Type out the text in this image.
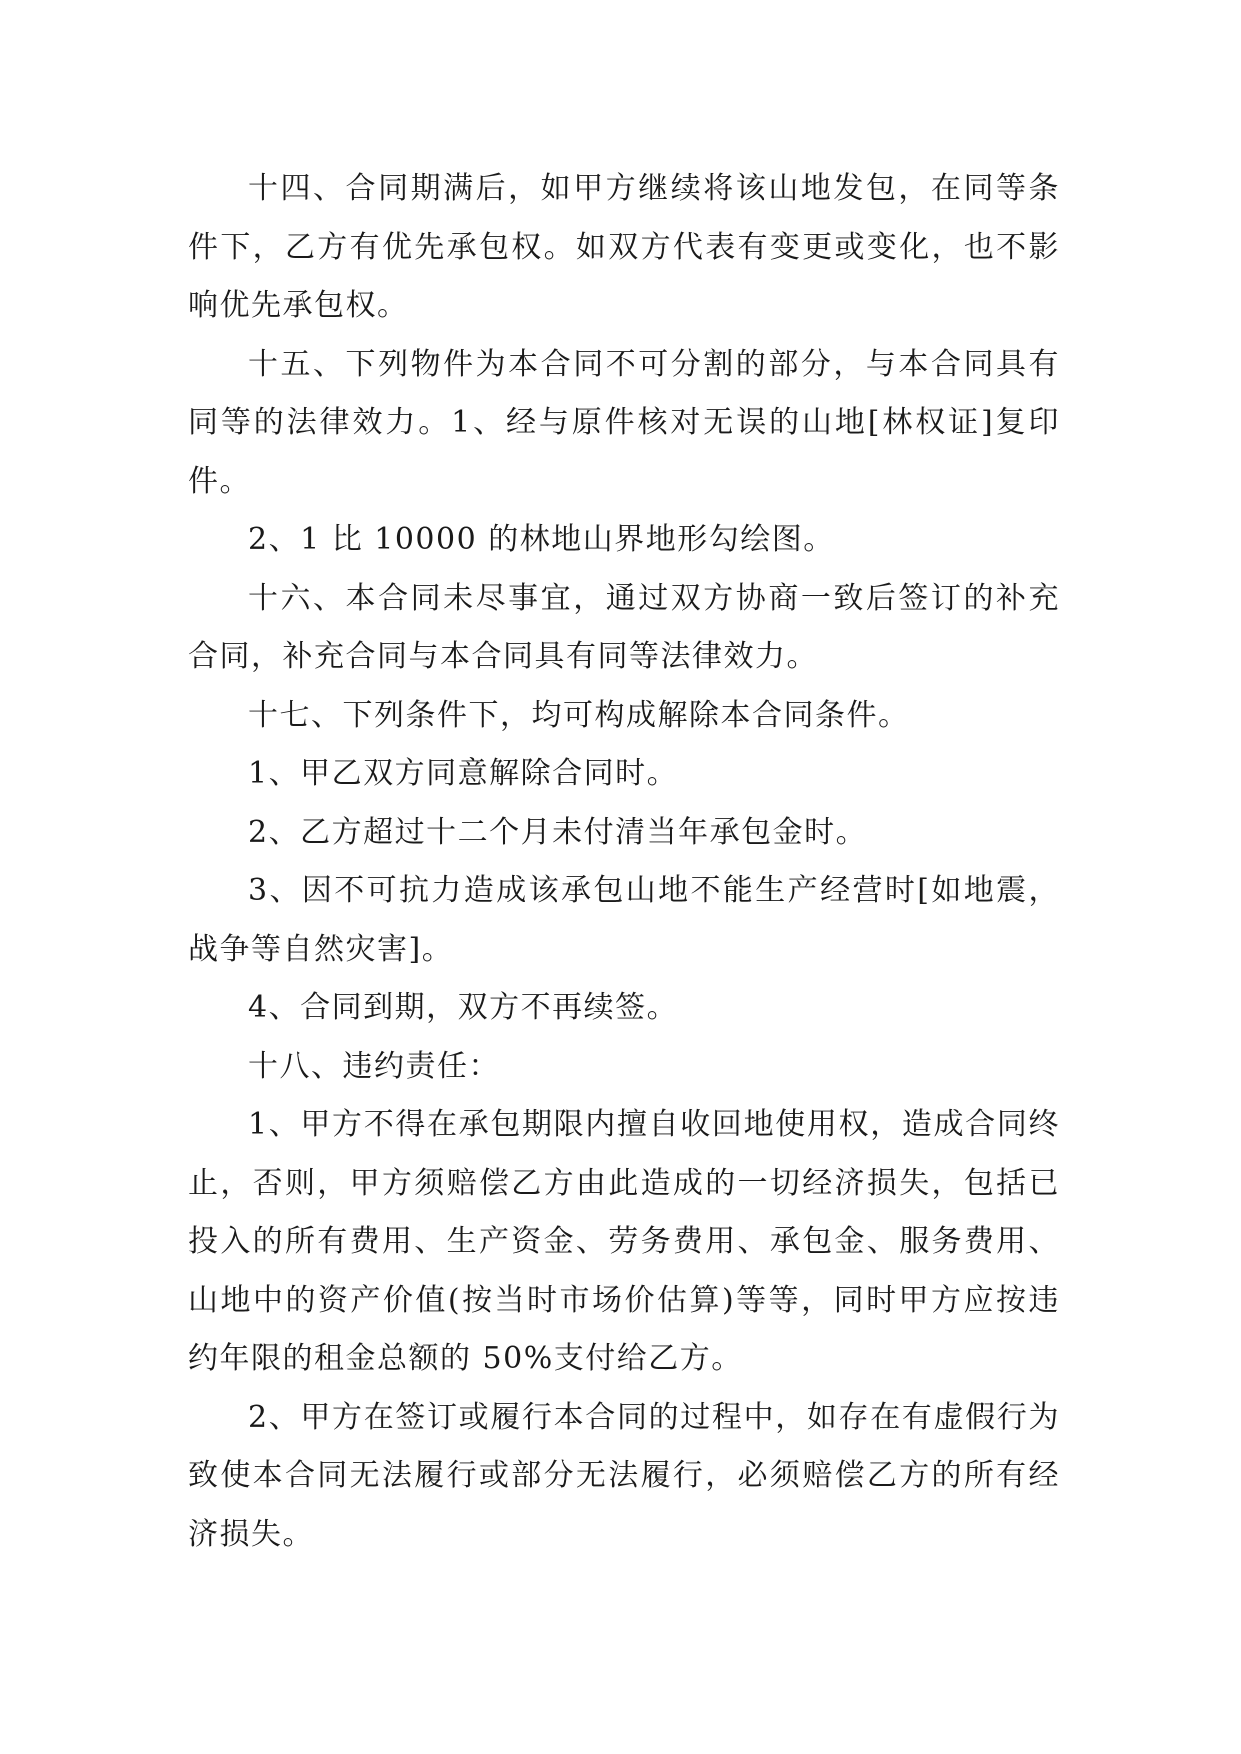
十四、合同期满后，如甲方继续将该山地发包，在同等条件下，乙方有优先承包权。如双方代表有变更或变化，也不影响优先承包权。

十五、下列物件为本合同不可分割的部分，与本合同具有同等的法律效力。1、经与原件核对无误的山地[林权证]复印件。

2、1 比 10000 的林地山界地形勾绘图。

十六、本合同未尽事宜，通过双方协商一致后签订的补充合同，补充合同与本合同具有同等法律效力。

十七、下列条件下，均可构成解除本合同条件。

1、甲乙双方同意解除合同时。

2、乙方超过十二个月未付清当年承包金时。

3、因不可抗力造成该承包山地不能生产经营时[如地震，战争等自然灾害]。

4、合同到期，双方不再续签。

十八、违约责任：

1、甲方不得在承包期限内擅自收回地使用权，造成合同终止，否则，甲方须赔偿乙方由此造成的一切经济损失，包括已投入的所有费用、生产资金、劳务费用、承包金、服务费用、山地中的资产价值(按当时市场价估算)等等，同时甲方应按违约年限的租金总额的 50%支付给乙方。

2、甲方在签订或履行本合同的过程中，如存在有虚假行为致使本合同无法履行或部分无法履行，必须赔偿乙方的所有经济损失。
